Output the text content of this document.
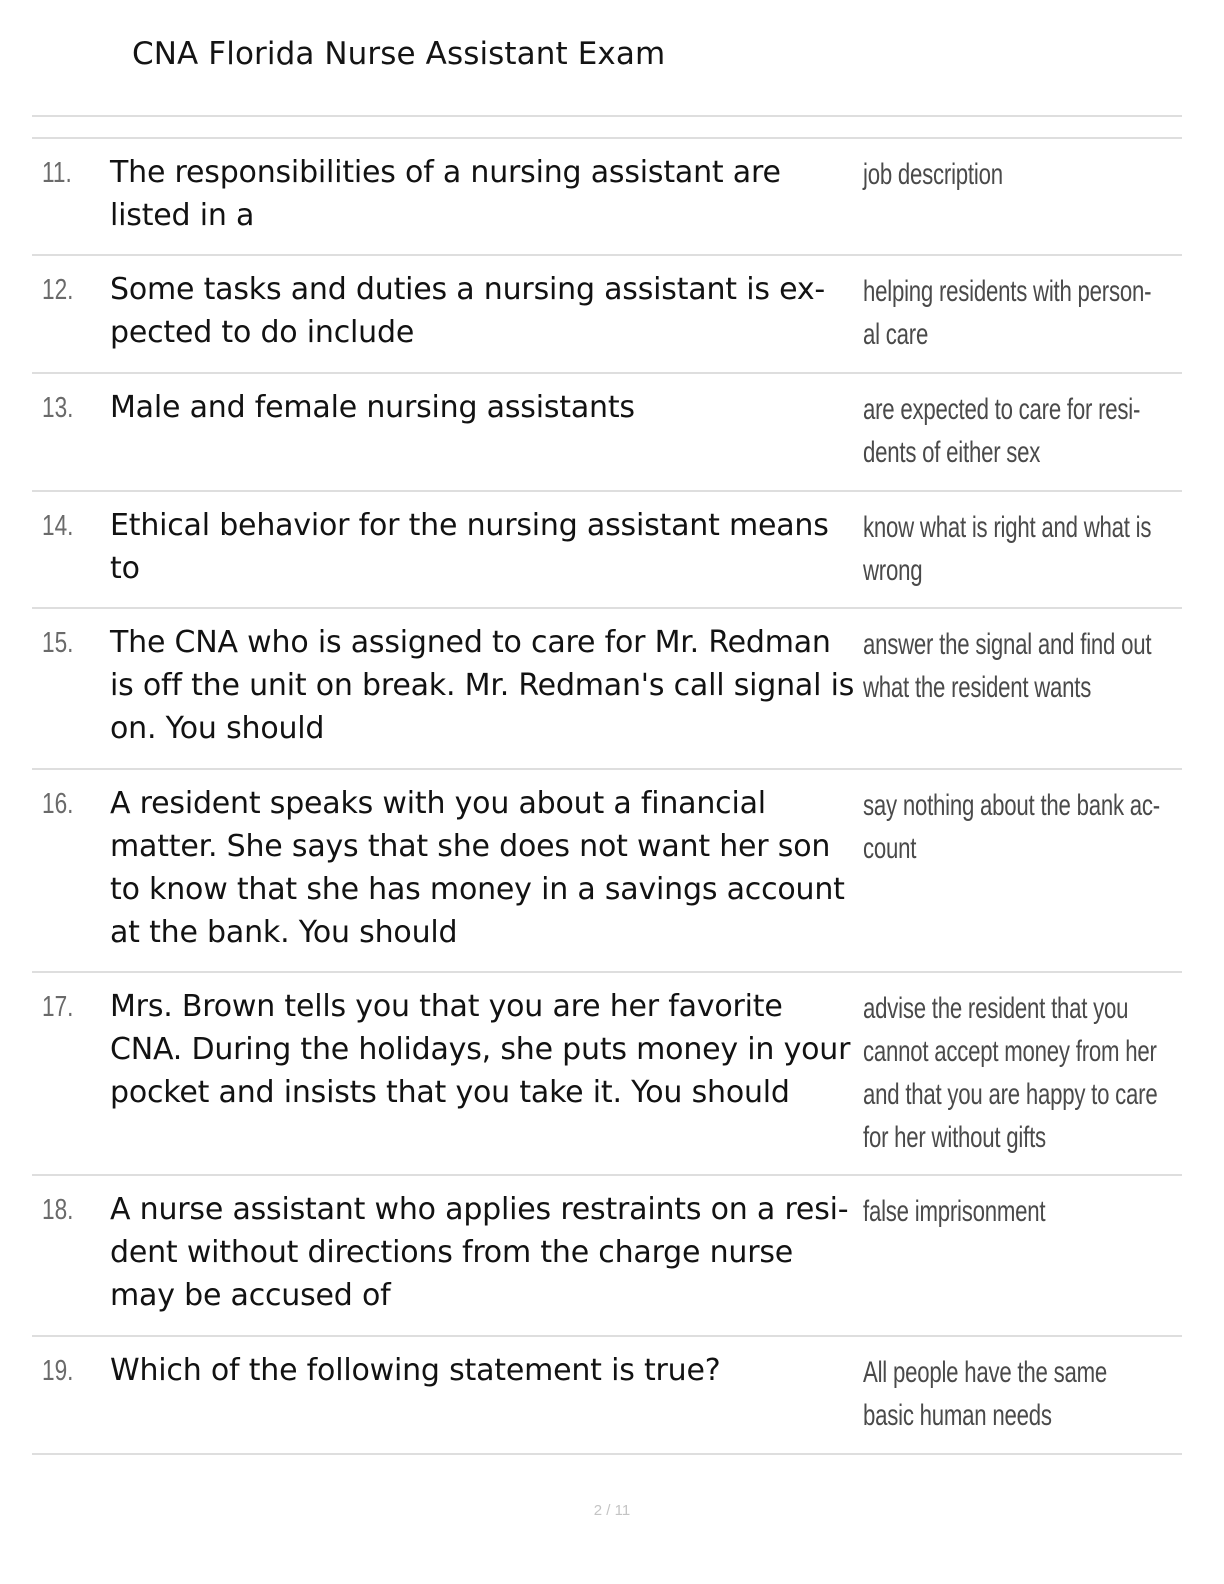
CNA Florida Nurse Assistant Exam
11. The responsibilities of a nursing assistant are listed in a
job description
12. Some tasks and duties a nursing assistant is ex-pected to do include
helping residents with person-al care
13. Male and female nursing assistants	are expected to care for resi-dents of either sex
14. Ethical behavior for the nursing assistant means to
know what is right and what is wrong
15. The CNA who is assigned to care for Mr. Redman is off the unit on break. Mr. Redman's call signal is on. You should
answer the signal and find out what the resident wants
16. A resident speaks with you about a financial matter. She says that she does not want her son to know that she has money in a savings account at the bank. You should
say nothing about the bank ac-count
17. Mrs. Brown tells you that you are her favorite CNA. During the holidays, she puts money in your pocket and insists that you take it. You should
advise the resident that you cannot accept money from her and that you are happy to care for her without gifts
18. A nurse assistant who applies restraints on a resi-dent without directions from the charge nurse may be accused of
false imprisonment
19. Which of the following statement is true?	All people have the same basic human needs
2 / 11
